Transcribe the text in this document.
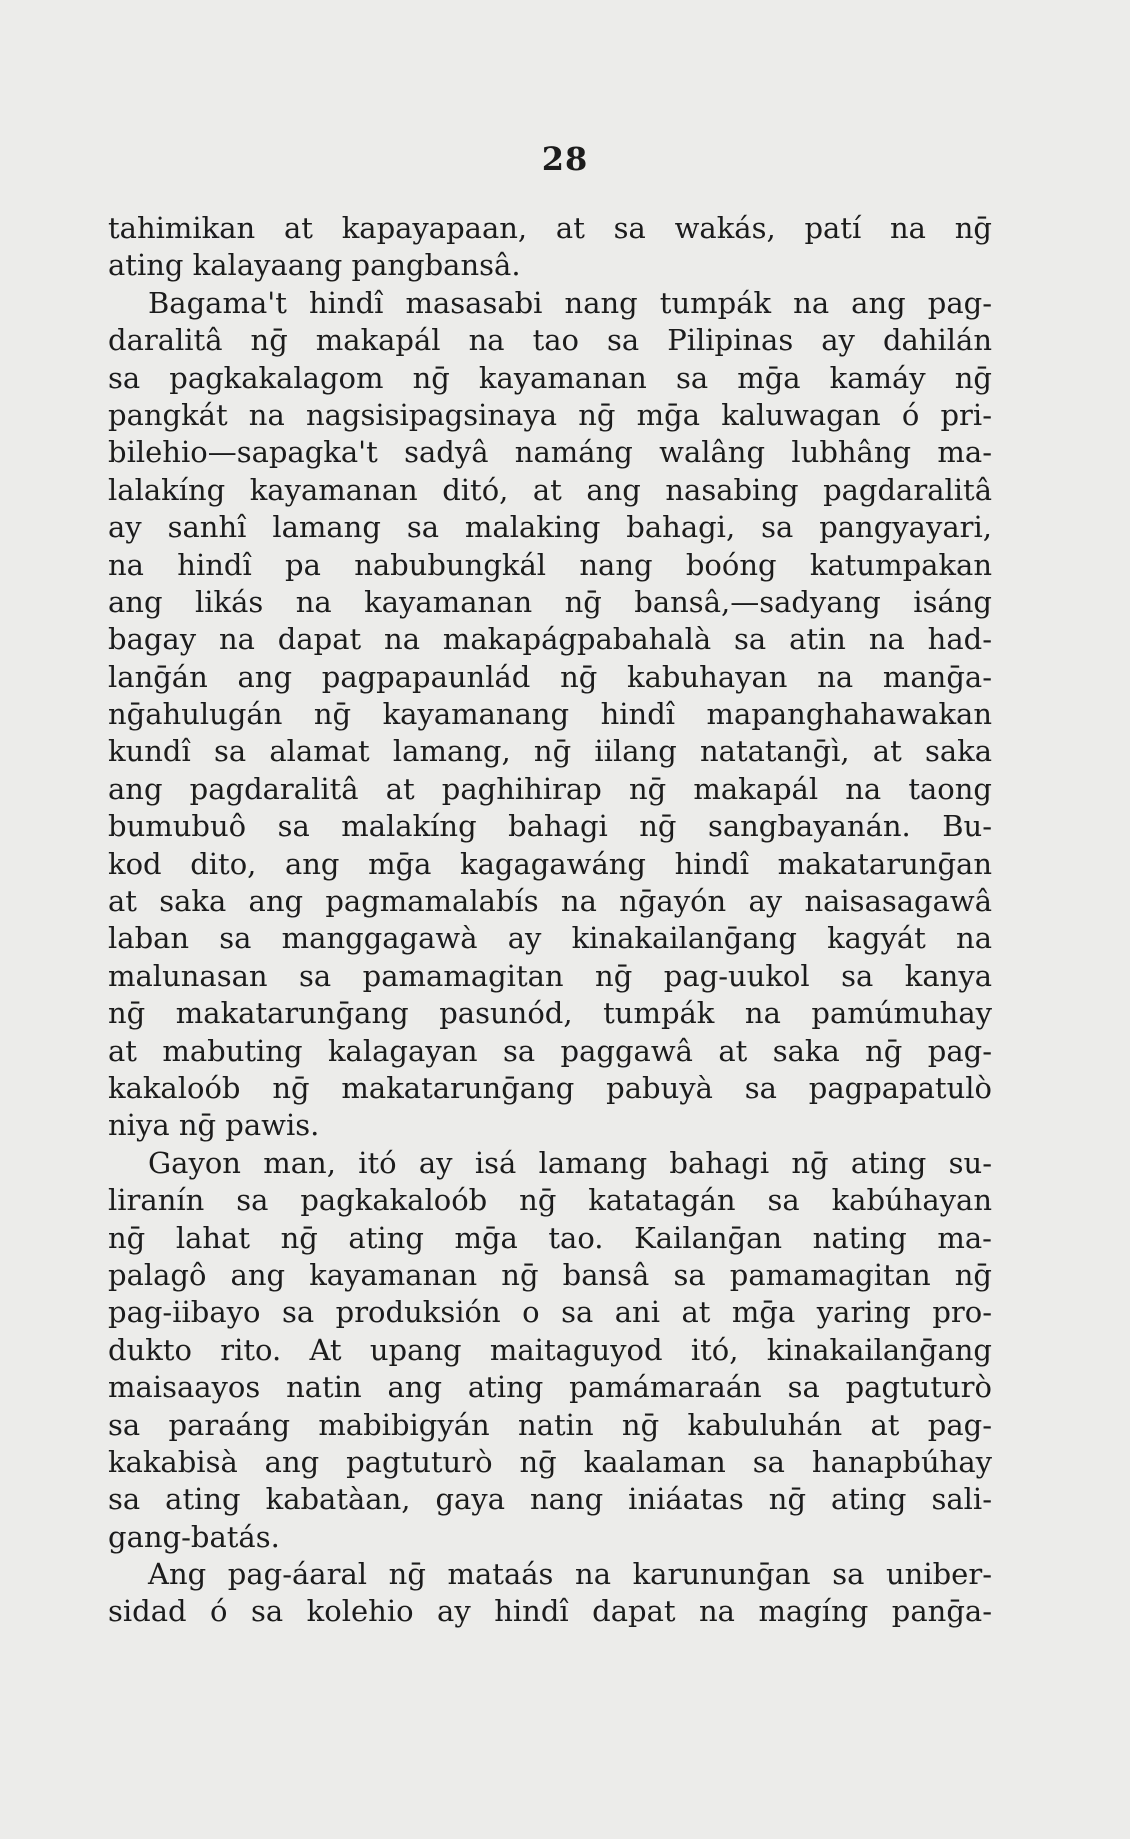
28
tahimikan at kapayapaan, at sa wakás, patí na nḡ
ating kalayaang pangbansâ.
Bagama't hindî masasabi nang tumpák na ang pag-
daralitâ nḡ makapál na tao sa Pilipinas ay dahilán
sa pagkakalagom nḡ kayamanan sa mḡa kamáy nḡ
pangkát na nagsisipagsinaya nḡ mḡa kaluwagan ó pri-
bilehio—sapagka't sadyâ namáng walâng lubhâng ma-
lalakíng kayamanan ditó, at ang nasabing pagdaralitâ
ay sanhî lamang sa malaking bahagi, sa pangyayari,
na hindî pa nabubungkál nang boóng katumpakan
ang likás na kayamanan nḡ bansâ,—sadyang isáng
bagay na dapat na makapágpabahalà sa atin na had-
lanḡán ang pagpapaunlád nḡ kabuhayan na manḡa-
nḡahulugán nḡ kayamanang hindî mapanghahawakan
kundî sa alamat lamang, nḡ iilang natatanḡì, at saka
ang pagdaralitâ at paghihirap nḡ makapál na taong
bumubuô sa malakíng bahagi nḡ sangbayanán. Bu-
kod dito, ang mḡa kagagawáng hindî makatarunḡan
at saka ang pagmamalabís na nḡayón ay naisasagawâ
laban sa manggagawà ay kinakailanḡang kagyát na
malunasan sa pamamagitan nḡ pag-uukol sa kanya
nḡ makatarunḡang pasunód, tumpák na pamúmuhay
at mabuting kalagayan sa paggawâ at saka nḡ pag-
kakaloób nḡ makatarunḡang pabuyà sa pagpapatulò
niya nḡ pawis.
Gayon man, itó ay isá lamang bahagi nḡ ating su-
liranín sa pagkakaloób nḡ katatagán sa kabúhayan
nḡ lahat nḡ ating mḡa tao. Kailanḡan nating ma-
palagô ang kayamanan nḡ bansâ sa pamamagitan nḡ
pag-iibayo sa produksión o sa ani at mḡa yaring pro-
dukto rito. At upang maitaguyod itó, kinakailanḡang
maisaayos natin ang ating pamámaraán sa pagtuturò
sa paraáng mabibigyán natin nḡ kabuluhán at pag-
kakabisà ang pagtuturò nḡ kaalaman sa hanapbúhay
sa ating kabatàan, gaya nang iniáatas nḡ ating sali-
gang-batás.
Ang pag-áaral nḡ mataás na karununḡan sa uniber-
sidad ó sa kolehio ay hindî dapat na magíng panḡa-
